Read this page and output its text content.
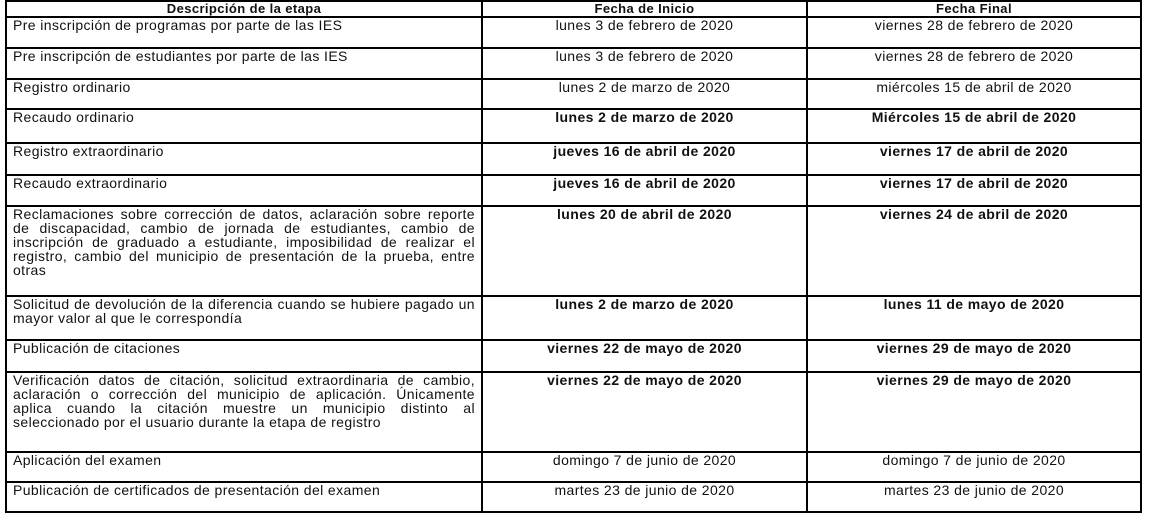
Descripción de la etapa	Fecha de Inicio	Fecha Final
Pre inscripción de programas por parte de las IES	lunes 3 de febrero de 2020	viernes 28 de febrero de 2020
Pre inscripción de estudiantes por parte de las IES	lunes 3 de febrero de 2020	viernes 28 de febrero de 2020
Registro ordinario	lunes 2 de marzo de 2020	miércoles 15 de abril de 2020
Recaudo ordinario	lunes 2 de marzo de 2020	Miércoles 15 de abril de 2020
Registro extraordinario	jueves 16 de abril de 2020	viernes 17 de abril de 2020
Recaudo extraordinario	jueves 16 de abril de 2020	viernes 17 de abril de 2020
Reclamaciones sobre corrección de datos, aclaración sobre reporte de discapacidad, cambio de jornada de estudiantes, cambio de inscripción de graduado a estudiante, imposibilidad de realizar el registro, cambio del municipio de presentación de la prueba, entre otras	lunes 20 de abril de 2020	viernes 24 de abril de 2020
Solicitud de devolución de la diferencia cuando se hubiere pagado un mayor valor al que le correspondía	lunes 2 de marzo de 2020	lunes 11 de mayo de 2020
Publicación de citaciones	viernes 22 de mayo de 2020	viernes 29 de mayo de 2020
Verificación datos de citación, solicitud extraordinaria de cambio, aclaración o corrección del municipio de aplicación. Únicamente aplica cuando la citación muestre un municipio distinto al seleccionado por el usuario durante la etapa de registro	viernes 22 de mayo de 2020	viernes 29 de mayo de 2020
Aplicación del examen	domingo 7 de junio de 2020	domingo 7 de junio de 2020
Publicación de certificados de presentación del examen	martes 23 de junio de 2020	martes 23 de junio de 2020
